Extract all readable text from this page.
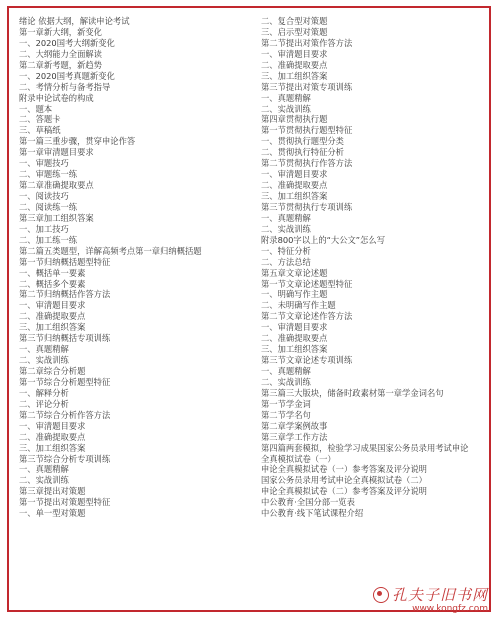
绪论 依据大纲，解读申论考试
第一章新大纲，新变化
一、2020国考大纲新变化
二、大纲能力全面解读
第二章新考题，新趋势
一、2020国考真题新变化
二、考情分析与备考指导
附录申论试卷的构成
一、题本
二、答题卡
三、草稿纸
第一篇三重步骤，贯穿申论作答
第一章审清题目要求
一、审题技巧
二、审题练一练
第二章准确提取要点
一、阅读技巧
二、阅读练一练
第三章加工组织答案
一、加工技巧
二、加工练一练
第二篇五类题型，详解高频考点第一章归纳概括题
第一节归纳概括题型特征
一、概括单一要素
二、概括多个要素
第二节归纳概括作答方法
一、审清题目要求
二、准确提取要点
三、加工组织答案
第三节归纳概括专项训练
一、真题精解
二、实战训练
第二章综合分析题
第一节综合分析题型特征
一、解释分析
二、评论分析
第二节综合分析作答方法
一、审清题目要求
二、准确提取要点
三、加工组织答案
第三节综合分析专项训练
一、真题精解
二、实战训练
第三章提出对策题
第一节提出对策题型特征
一、单一型对策题
二、复合型对策题
三、启示型对策题
第二节提出对策作答方法
一、审清题目要求
二、准确提取要点
三、加工组织答案
第三节提出对策专项训练
一、真题精解
二、实战训练
第四章贯彻执行题
第一节贯彻执行题型特征
一、贯彻执行题型分类
二、贯彻执行特征分析
第二节贯彻执行作答方法
一、审清题目要求
二、准确提取要点
三、加工组织答案
第三节贯彻执行专项训练
一、真题精解
二、实战训练
附录800字以上的“大公文”怎么写
一、特征分析
二、方法总结
第五章文章论述题
第一节文章论述题型特征
一、明确写作主题
二、未明确写作主题
第二节文章论述作答方法
一、审清题目要求
二、准确提取要点
三、加工组织答案
第三节文章论述专项训练
一、真题精解
二、实战训练
第三篇三大版块，储备时政素材第一章学金词名句
第一节学金词
第二节学名句
第二章学案例故事
第三章学工作方法
第四篇两套模拟，检验学习成果国家公务员录用考试申论
全真模拟试卷（一）
申论全真模拟试卷（一）参考答案及评分说明
国家公务员录用考试申论全真模拟试卷（二）
申论全真模拟试卷（二）参考答案及评分说明
中公教育·全国分部一览表
中公教育·线下笔试课程介绍
孔夫子旧书网
www.kongfz.com
